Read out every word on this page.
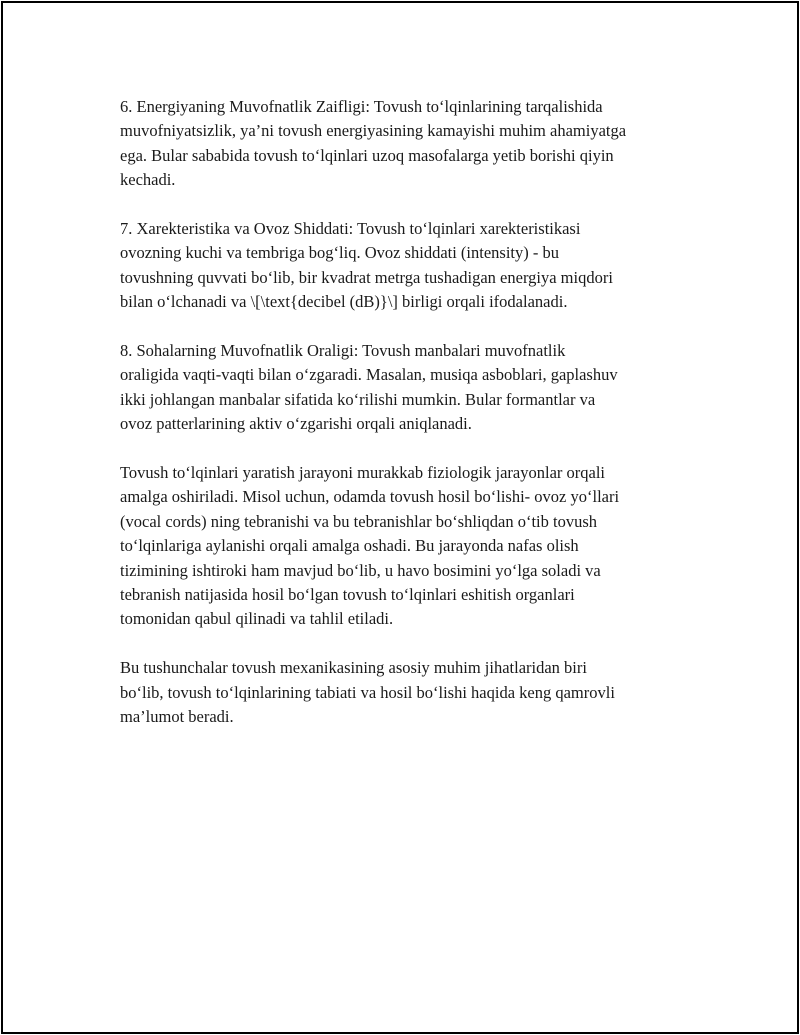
6. Energiyaning Muvofnatlik Zaifligi: Tovush to‘lqinlarining tarqalishida
muvofniyatsizlik, ya’ni tovush energiyasining kamayishi muhim ahamiyatga
ega. Bular sababida tovush to‘lqinlari uzoq masofalarga yetib borishi qiyin
kechadi.

7. Xarekteristika va Ovoz Shiddati: Tovush to‘lqinlari xarekteristikasi
ovozning kuchi va tembriga bog‘liq. Ovoz shiddati (intensity) - bu
tovushning quvvati bo‘lib, bir kvadrat metrga tushadigan energiya miqdori
bilan o‘lchanadi va \[\text{decibel (dB)}\] birligi orqali ifodalanadi.

8. Sohalarning Muvofnatlik Oraligi: Tovush manbalari muvofnatlik
oraligida vaqti-vaqti bilan o‘zgaradi. Masalan, musiqa asboblari, gaplashuv
ikki johlangan manbalar sifatida ko‘rilishi mumkin. Bular formantlar va
ovoz patterlarining aktiv o‘zgarishi orqali aniqlanadi.

Tovush to‘lqinlari yaratish jarayoni murakkab fiziologik jarayonlar orqali
amalga oshiriladi. Misol uchun, odamda tovush hosil bo‘lishi- ovoz yo‘llari
(vocal cords) ning tebranishi va bu tebranishlar bo‘shliqdan o‘tib tovush
to‘lqinlariga aylanishi orqali amalga oshadi. Bu jarayonda nafas olish
tizimining ishtiroki ham mavjud bo‘lib, u havo bosimini yo‘lga soladi va
tebranish natijasida hosil bo‘lgan tovush to‘lqinlari eshitish organlari
tomonidan qabul qilinadi va tahlil etiladi.

Bu tushunchalar tovush mexanikasining asosiy muhim jihatlaridan biri
bo‘lib, tovush to‘lqinlarining tabiati va hosil bo‘lishi haqida keng qamrovli
ma’lumot beradi.
